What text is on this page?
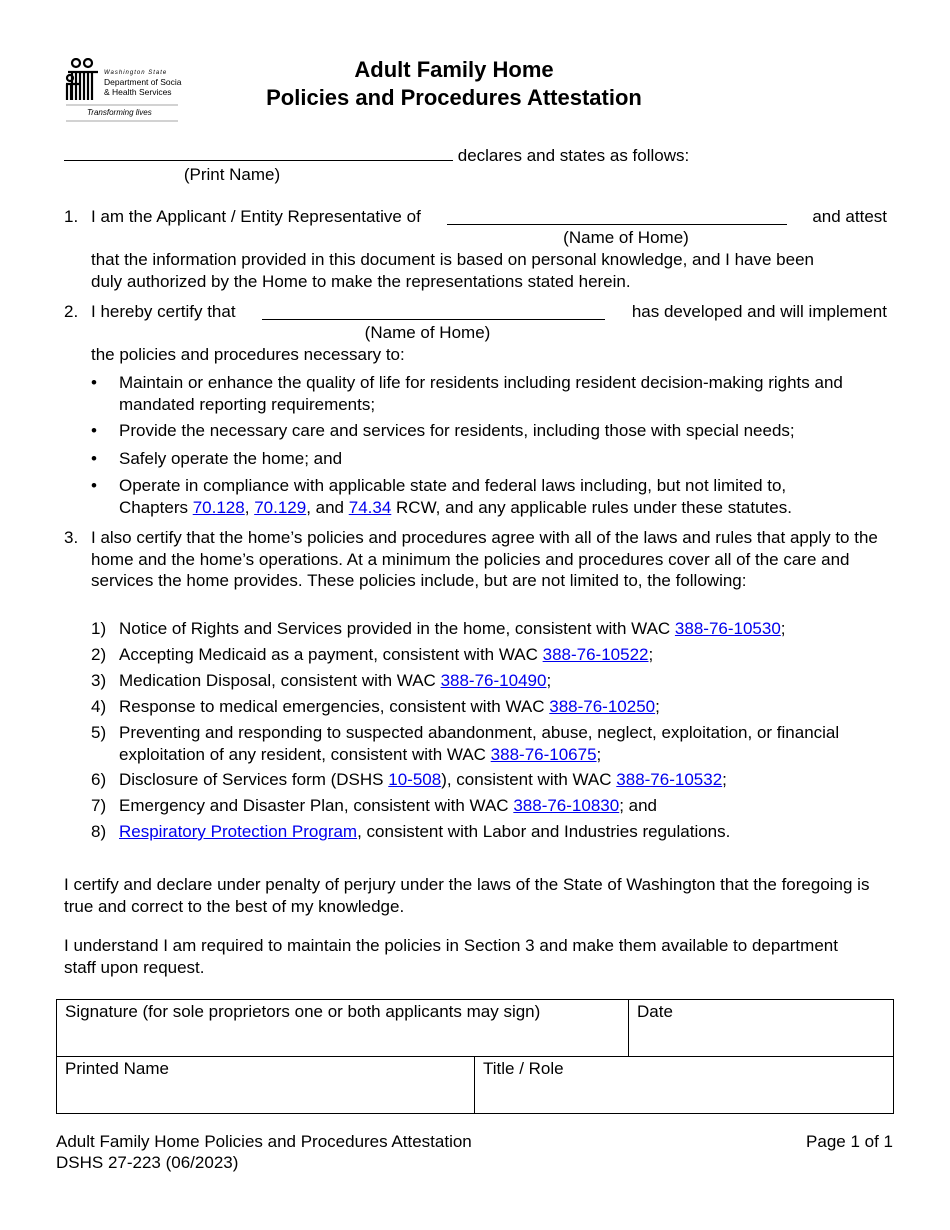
Washington State
Department of Social
& Health Services
Transforming lives
Adult Family Home
Policies and Procedures Attestation
declares and states as follows:
(Print Name)
1. I am the Applicant / Entity Representative of	and attest
(Name of Home)
that the information provided in this document is based on personal knowledge, and I have been
duly authorized by the Home to make the representations stated herein.
2. I hereby certify that	has developed and will implement
(Name of Home)
the policies and procedures necessary to:
• Maintain or enhance the quality of life for residents including resident decision-making rights and mandated reporting requirements;
• Provide the necessary care and services for residents, including those with special needs;
• Safely operate the home; and
• Operate in compliance with applicable state and federal laws including, but not limited to,
Chapters 70.128, 70.129, and 74.34 RCW, and any applicable rules under these statutes.
3. I also certify that the home’s policies and procedures agree with all of the laws and rules that apply to the home and the home’s operations. At a minimum the policies and procedures cover all of the care and services the home provides. These policies include, but are not limited to, the following:
1) Notice of Rights and Services provided in the home, consistent with WAC 388-76-10530;
2) Accepting Medicaid as a payment, consistent with WAC 388-76-10522;
3) Medication Disposal, consistent with WAC 388-76-10490;
4) Response to medical emergencies, consistent with WAC 388-76-10250;
5) Preventing and responding to suspected abandonment, abuse, neglect, exploitation, or financial exploitation of any resident, consistent with WAC 388-76-10675;
6) Disclosure of Services form (DSHS 10-508), consistent with WAC 388-76-10532;
7) Emergency and Disaster Plan, consistent with WAC 388-76-10830; and
8) Respiratory Protection Program, consistent with Labor and Industries regulations.
I certify and declare under penalty of perjury under the laws of the State of Washington that the foregoing is true and correct to the best of my knowledge.
I understand I am required to maintain the policies in Section 3 and make them available to department staff upon request.
Signature (for sole proprietors one or both applicants may sign)		Date
Printed Name	Title / Role	
Adult Family Home Policies and Procedures Attestation
DSHS 27-223 (06/2023)
Page 1 of 1
